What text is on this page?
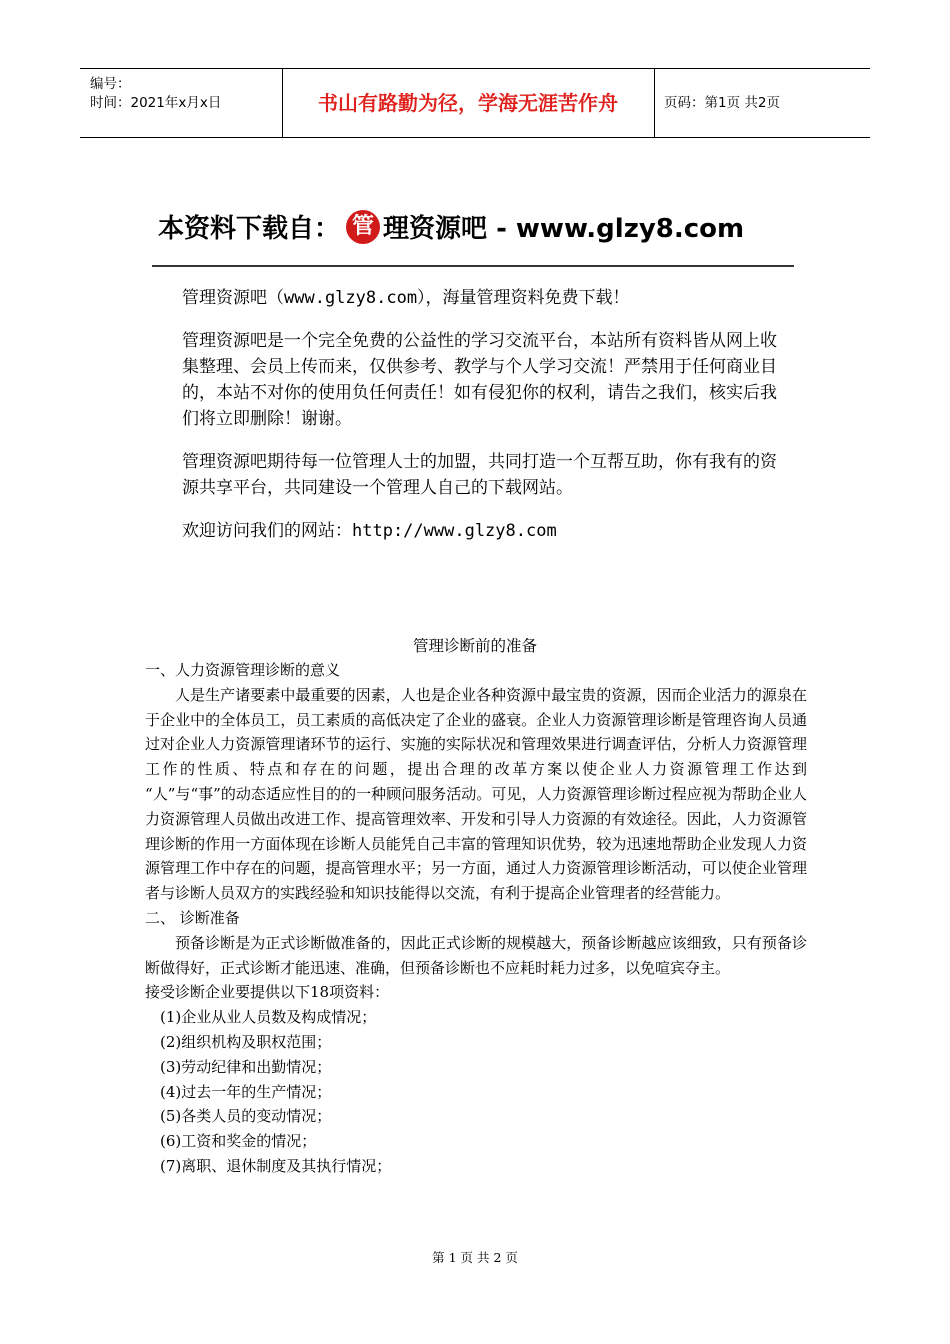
编号：
时间：2021年x月x日	书山有路勤为径，学海无涯苦作舟	页码：第1页 共2页
本资料下载自： 管 理资源吧 - www.glzy8.com

管理资源吧（www.glzy8.com），海量管理资料免费下载！

管理资源吧是一个完全免费的公益性的学习交流平台，本站所有资料皆从网上收集整理、会员上传而来，仅供参考、教学与个人学习交流！严禁用于任何商业目的，本站不对你的使用负任何责任！如有侵犯你的权利，请告之我们，核实后我们将立即删除！谢谢。

管理资源吧期待每一位管理人士的加盟，共同打造一个互帮互助，你有我有的资源共享平台，共同建设一个管理人自己的下载网站。

欢迎访问我们的网站：http://www.glzy8.com

管理诊断前的准备

一、人力资源管理诊断的意义

人是生产诸要素中最重要的因素，人也是企业各种资源中最宝贵的资源，因而企业活力的源泉在于企业中的全体员工，员工素质的高低决定了企业的盛衰。企业人力资源管理诊断是管理咨询人员通过对企业人力资源管理诸环节的运行、实施的实际状况和管理效果进行调查评估，分析人力资源管理工作的性质、特点和存在的问题，提出合理的改革方案以使企业人力资源管理工作达到 “人”与“事”的动态适应性目的的一种顾问服务活动。可见，人力资源管理诊断过程应视为帮助企业人力资源管理人员做出改进工作、提高管理效率、开发和引导人力资源的有效途径。因此，人力资源管理诊断的作用一方面体现在诊断人员能凭自己丰富的管理知识优势，较为迅速地帮助企业发现人力资源管理工作中存在的问题，提高管理水平；另一方面，通过人力资源管理诊断活动，可以使企业管理者与诊断人员双方的实践经验和知识技能得以交流，有利于提高企业管理者的经营能力。

二、 诊断准备

预备诊断是为正式诊断做准备的，因此正式诊断的规模越大，预备诊断越应该细致，只有预备诊断做得好，正式诊断才能迅速、准确，但预备诊断也不应耗时耗力过多，以免喧宾夺主。

接受诊断企业要提供以下18项资料：

(1)企业从业人员数及构成情况；

(2)组织机构及职权范围；

(3)劳动纪律和出勤情况；

(4)过去一年的生产情况；

(5)各类人员的变动情况；

(6)工资和奖金的情况；

(7)离职、退休制度及其执行情况；

第 1 页 共 2 页
